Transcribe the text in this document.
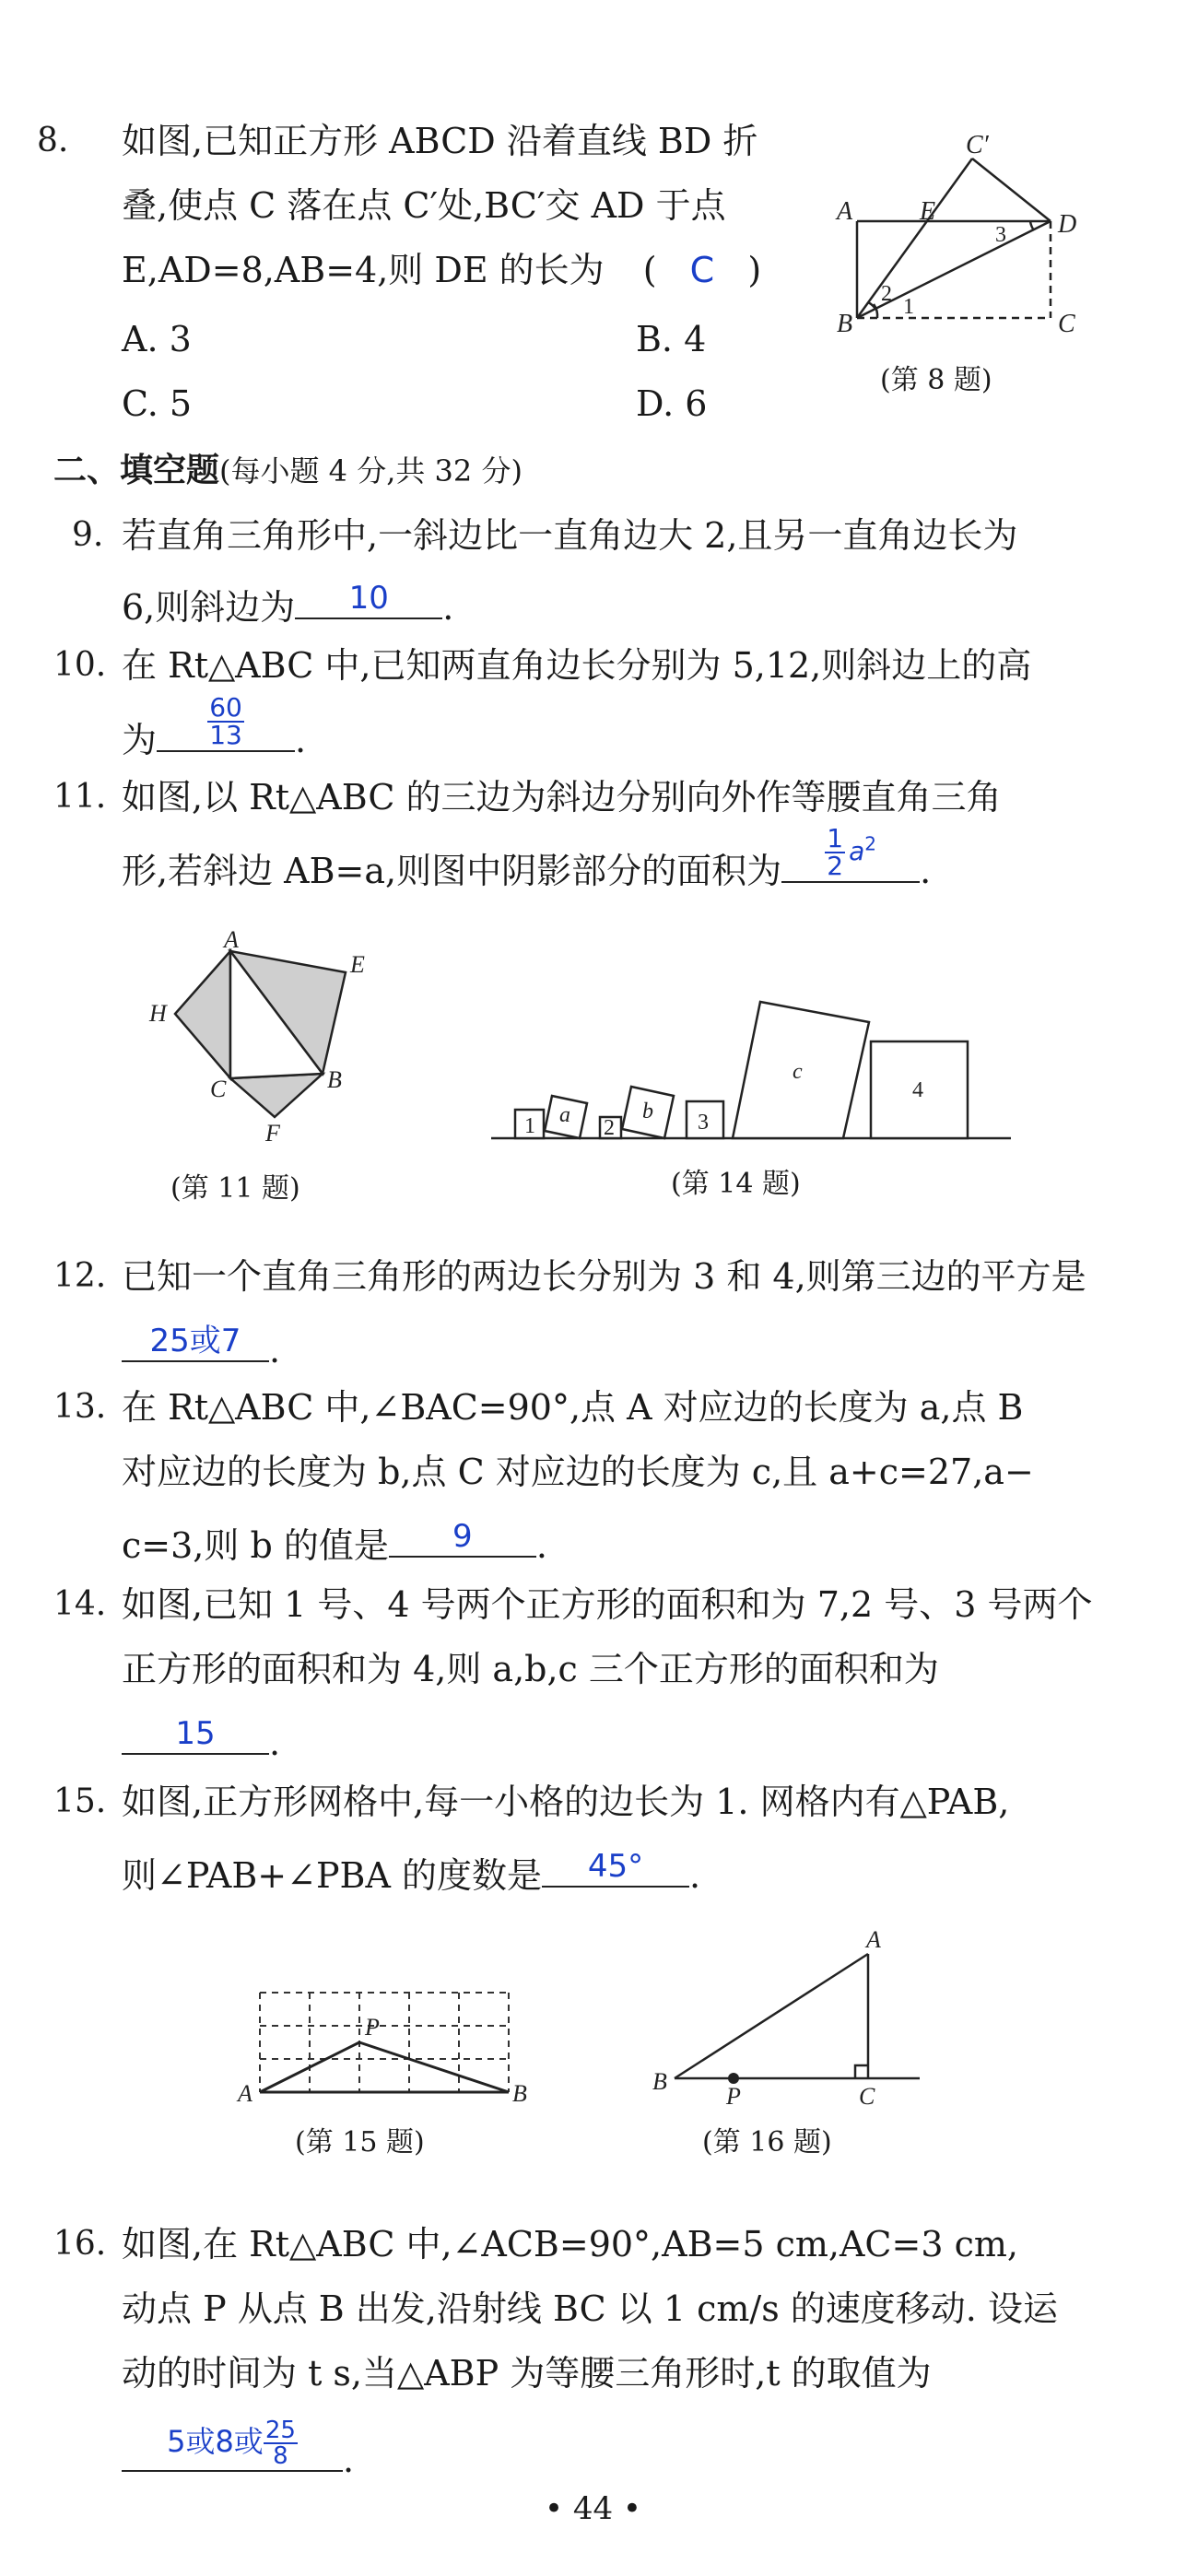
8. 如图,已知正方形 ABCD 沿着直线 BD 折
叠,使点 C 落在点 C′处,BC′交 AD 于点
E,AD=8,AB=4,则 DE 的长为 ( C )
A. 3	B. 4
C. 5	D. 6
A	E	D
C′
B	C
1
2
3
(第 8 题)
二、填空题(每小题 4 分,共 32 分)
9. 若直角三角形中,一斜边比一直角边大 2,且另一直角边长为
6,则斜边为	10	.
10. 在 Rt△ABC 中,已知两直角边长分别为 5,12,则斜边上的高
为 $\frac{60}{13}$ .
11. 如图,以 Rt△ABC 的三边为斜边分别向外作等腰直角三角
形,若斜边 AB=a,则图中阴影部分的面积为 $\frac{1}{2} a^2$
.
A
E
H
C	B
F
(第 11 题)
1 a
2
b 3
c
4
(第 14 题)
12. 已知一个直角三角形的两边长分别为 3 和 4,则第三边的平方是
25或7 .
13. 在 Rt△ABC 中,∠BAC=90°,点 A 对应边的长度为 a,点 B
对应边的长度为 b,点 C 对应边的长度为 c,且 a+c=27,a−
c=3,则 b 的值是	9	.
14. 如图,已知 1 号、4 号两个正方形的面积和为 7,2 号、3 号两个
正方形的面积和为 4,则 a,b,c 三个正方形的面积和为
15	.
15. 如图,正方形网格中,每一小格的边长为 1. 网格内有△PAB,
则∠PAB+∠PBA 的度数是	45°	.
P
A	B
(第 15 题)
A
B
P	C
(第 16 题)
16. 如图,在 Rt△ABC 中,∠ACB=90°,AB=5 cm,AC=3 cm,
动点 P 从点 B 出发,沿射线 BC 以 1 cm/s 的速度移动. 设运
动的时间为 t s,当△ABP 为等腰三角形时,t 的取值为
5或8或 $\frac{25}{8}$ .
• 44 •
